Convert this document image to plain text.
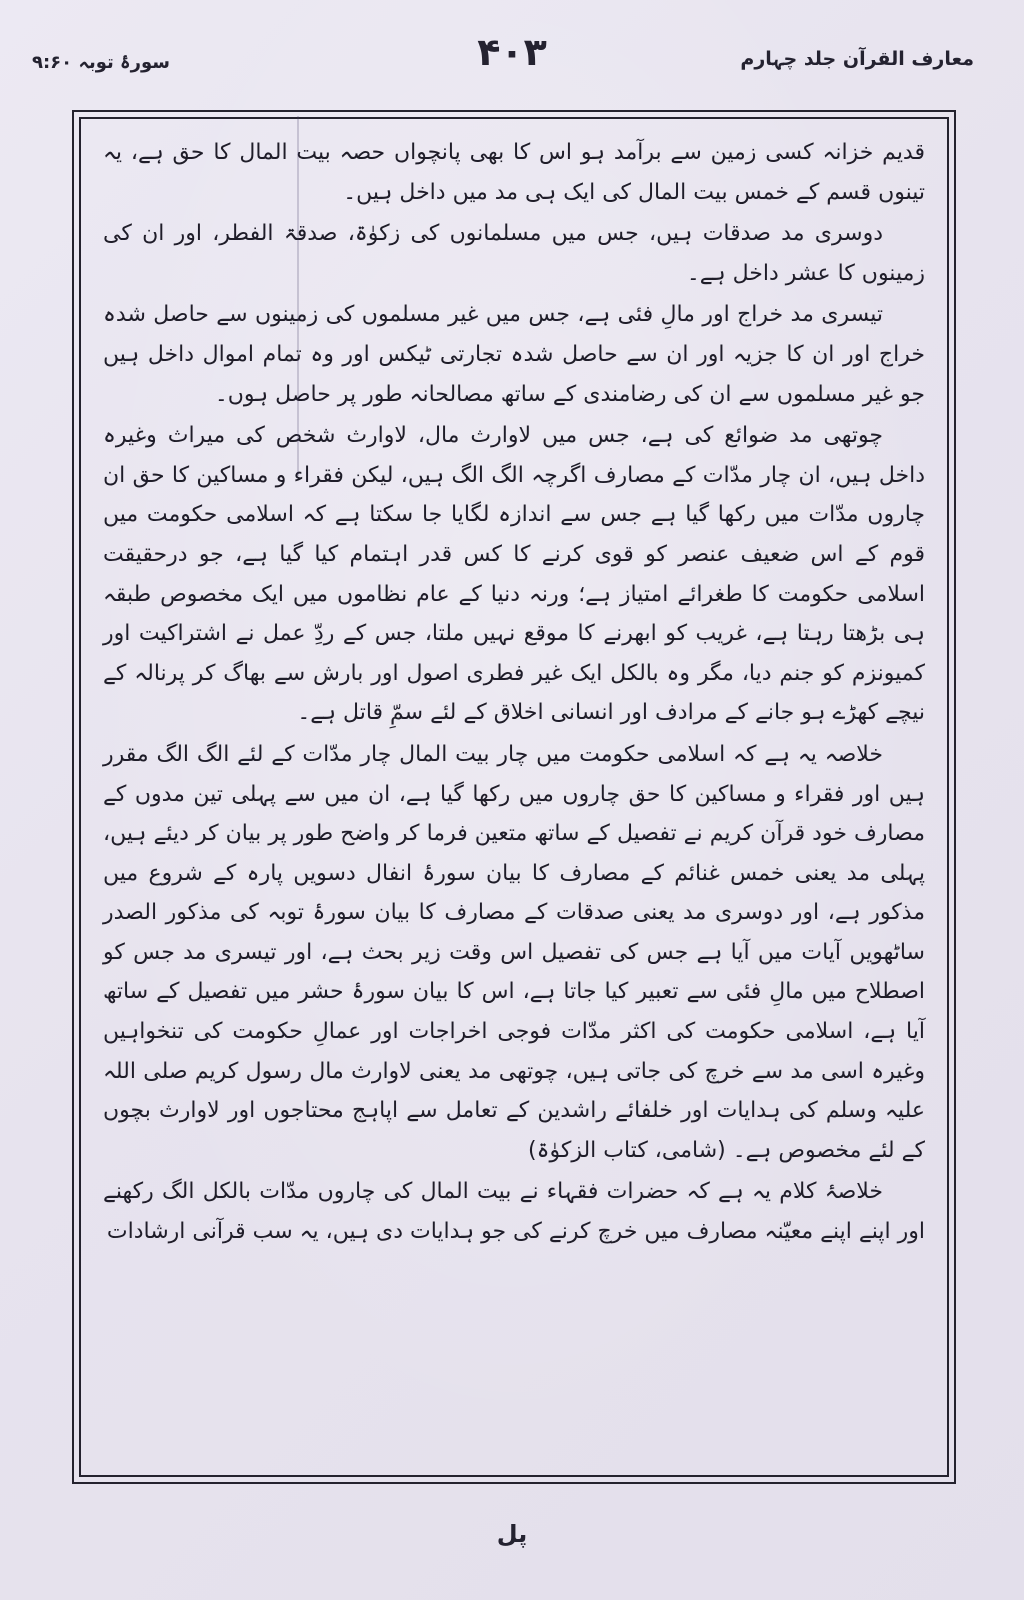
معارف القرآن جلد چہارم
۴۰۳
سورۂ توبہ ۹:۶۰

قدیم خزانہ کسی زمین سے برآمد ہو اس کا بھی پانچواں حصہ بیت المال کا حق ہے، یہ تینوں قسم کے خمس بیت المال کی ایک ہی مد میں داخل ہیں۔

دوسری مد صدقات ہیں، جس میں مسلمانوں کی زکوٰۃ، صدقۃ الفطر، اور ان کی زمینوں کا عشر داخل ہے۔

تیسری مد خراج اور مالِ فئی ہے، جس میں غیر مسلموں کی زمینوں سے حاصل شدہ خراج اور ان کا جزیہ اور ان سے حاصل شدہ تجارتی ٹیکس اور وہ تمام اموال داخل ہیں جو غیر مسلموں سے ان کی رضامندی کے ساتھ مصالحانہ طور پر حاصل ہوں۔

چوتھی مد ضوائع کی ہے، جس میں لاوارث مال، لاوارث شخص کی میراث وغیرہ داخل ہیں، ان چار مدّات کے مصارف اگرچہ الگ الگ ہیں، لیکن فقراء و مساکین کا حق ان چاروں مدّات میں رکھا گیا ہے جس سے اندازہ لگایا جا سکتا ہے کہ اسلامی حکومت میں قوم کے اس ضعیف عنصر کو قوی کرنے کا کس قدر اہتمام کیا گیا ہے، جو درحقیقت اسلامی حکومت کا طغرائے امتیاز ہے؛ ورنہ دنیا کے عام نظاموں میں ایک مخصوص طبقہ ہی بڑھتا رہتا ہے، غریب کو ابھرنے کا موقع نہیں ملتا، جس کے ردِّ عمل نے اشتراکیت اور کمیونزم کو جنم دیا، مگر وہ بالکل ایک غیر فطری اصول اور بارش سے بھاگ کر پرنالہ کے نیچے کھڑے ہو جانے کے مرادف اور انسانی اخلاق کے لئے سمِّ قاتل ہے۔

خلاصہ یہ ہے کہ اسلامی حکومت میں چار بیت المال چار مدّات کے لئے الگ الگ مقرر ہیں اور فقراء و مساکین کا حق چاروں میں رکھا گیا ہے، ان میں سے پہلی تین مدوں کے مصارف خود قرآن کریم نے تفصیل کے ساتھ متعین فرما کر واضح طور پر بیان کر دیئے ہیں، پہلی مد یعنی خمس غنائم کے مصارف کا بیان سورۂ انفال دسویں پارہ کے شروع میں مذکور ہے، اور دوسری مد یعنی صدقات کے مصارف کا بیان سورۂ توبہ کی مذکور الصدر ساٹھویں آیات میں آیا ہے جس کی تفصیل اس وقت زیر بحث ہے، اور تیسری مد جس کو اصطلاح میں مالِ فئی سے تعبیر کیا جاتا ہے، اس کا بیان سورۂ حشر میں تفصیل کے ساتھ آیا ہے، اسلامی حکومت کی اکثر مدّات فوجی اخراجات اور عمالِ حکومت کی تنخواہیں وغیرہ اسی مد سے خرچ کی جاتی ہیں، چوتھی مد یعنی لاوارث مال رسول کریم صلی اللہ علیہ وسلم کی ہدایات اور خلفائے راشدین کے تعامل سے اپاہج محتاجوں اور لاوارث بچوں کے لئے مخصوص ہے۔ (شامی، کتاب الزکوٰۃ)

خلاصۂ کلام یہ ہے کہ حضرات فقہاء نے بیت المال کی چاروں مدّات بالکل الگ رکھنے اور اپنے اپنے معیّنہ مصارف میں خرچ کرنے کی جو ہدایات دی ہیں، یہ سب قرآنی ارشادات

پل
